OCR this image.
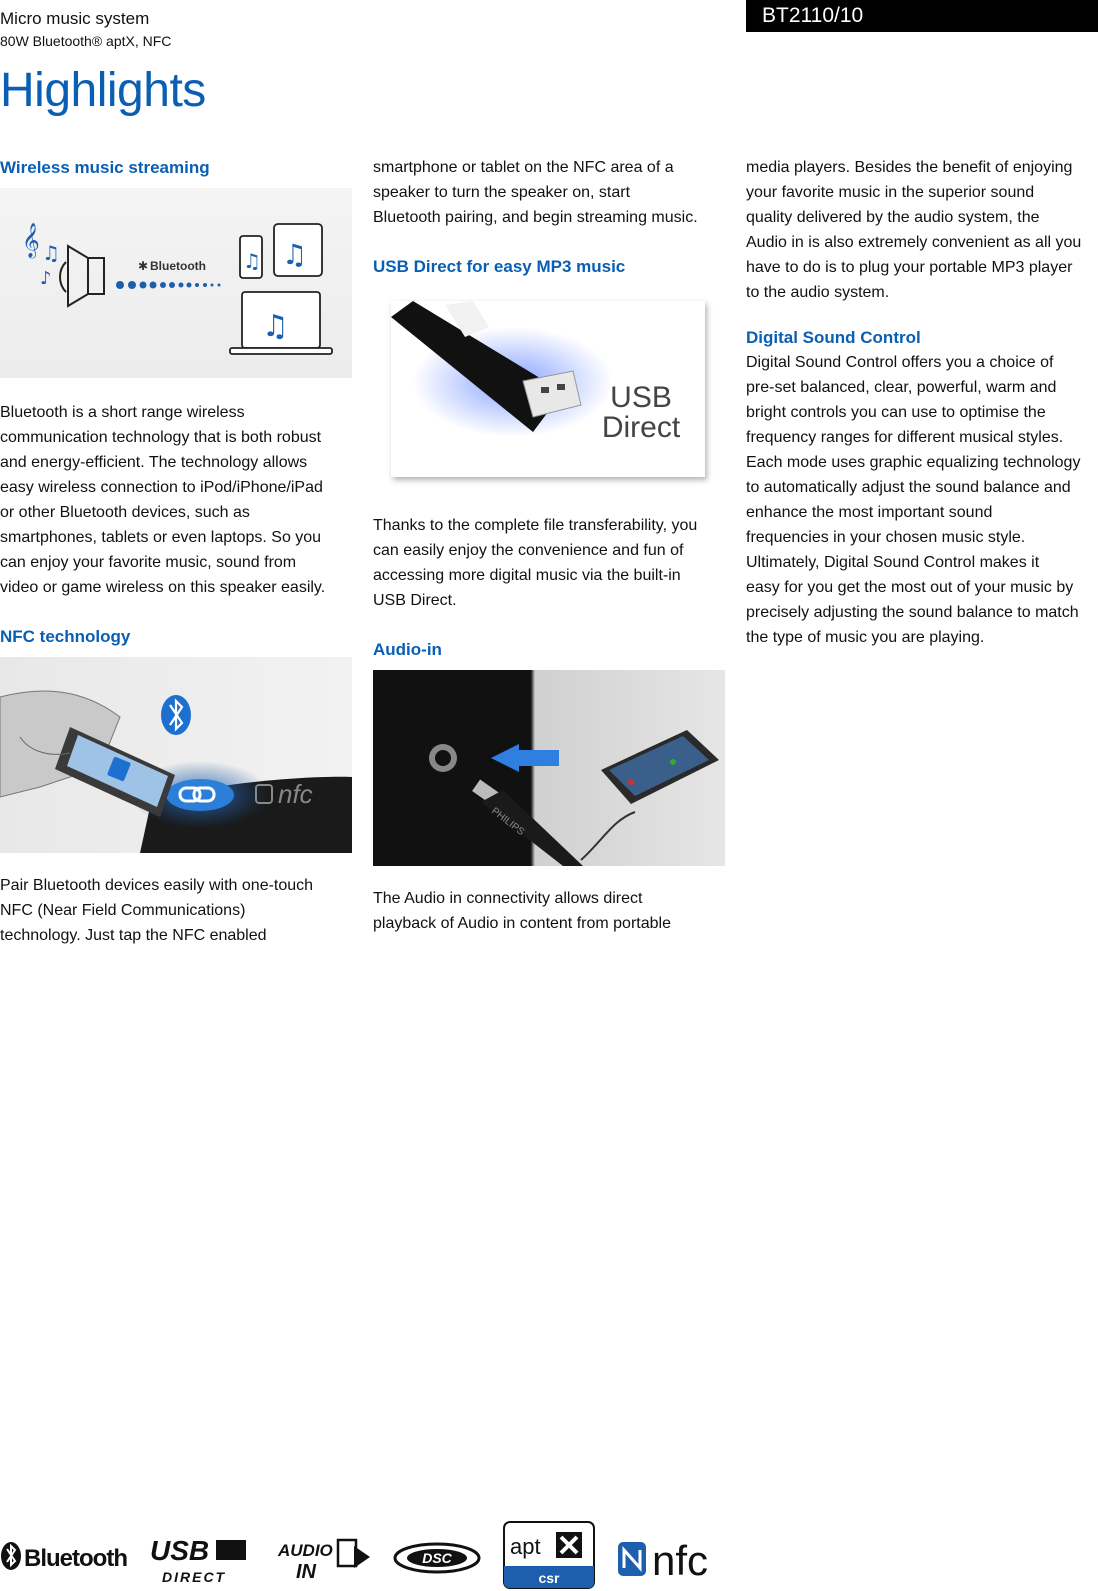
Micro music system
80W Bluetooth® aptX, NFC
BT2110/10
Highlights
Wireless music streaming
𝄞 ♫
♪
✱ Bluetooth ♫ ♫
♫

Bluetooth is a short range wireless
communication technology that is both robust
and energy-efficient. The technology allows
easy wireless connection to iPod/iPhone/iPad
or other Bluetooth devices, such as
smartphones, tablets or even laptops. So you
can enjoy your favorite music, sound from
video or game wireless on this speaker easily.

NFC technology
nfc

Pair Bluetooth devices easily with one-touch
NFC (Near Field Communications)
technology. Just tap the NFC enabled

smartphone or tablet on the NFC area of a
speaker to turn the speaker on, start
Bluetooth pairing, and begin streaming music.

USB Direct for easy MP3 music
USB
Direct

Thanks to the complete file transferability, you
can easily enjoy the convenience and fun of
accessing more digital music via the built-in
USB Direct.

Audio-in
PHILIPS

The Audio in connectivity allows direct
playback of Audio in content from portable

media players. Besides the benefit of enjoying
your favorite music in the superior sound
quality delivered by the audio system, the
Audio in is also extremely convenient as all you
have to do is to plug your portable MP3 player
to the audio system.

Digital Sound Control

Digital Sound Control offers you a choice of
pre-set balanced, clear, powerful, warm and
bright controls you can use to optimise the
frequency ranges for different musical styles.
Each mode uses graphic equalizing technology
to automatically adjust the sound balance and
enhance the most important sound
frequencies in your chosen music style.
Ultimately, Digital Sound Control makes it
easy for you get the most out of your music by
precisely adjusting the sound balance to match
the type of music you are playing.

Bluetooth USB
DIRECT
AUDIO
IN
DSC	apt
csr nfc
